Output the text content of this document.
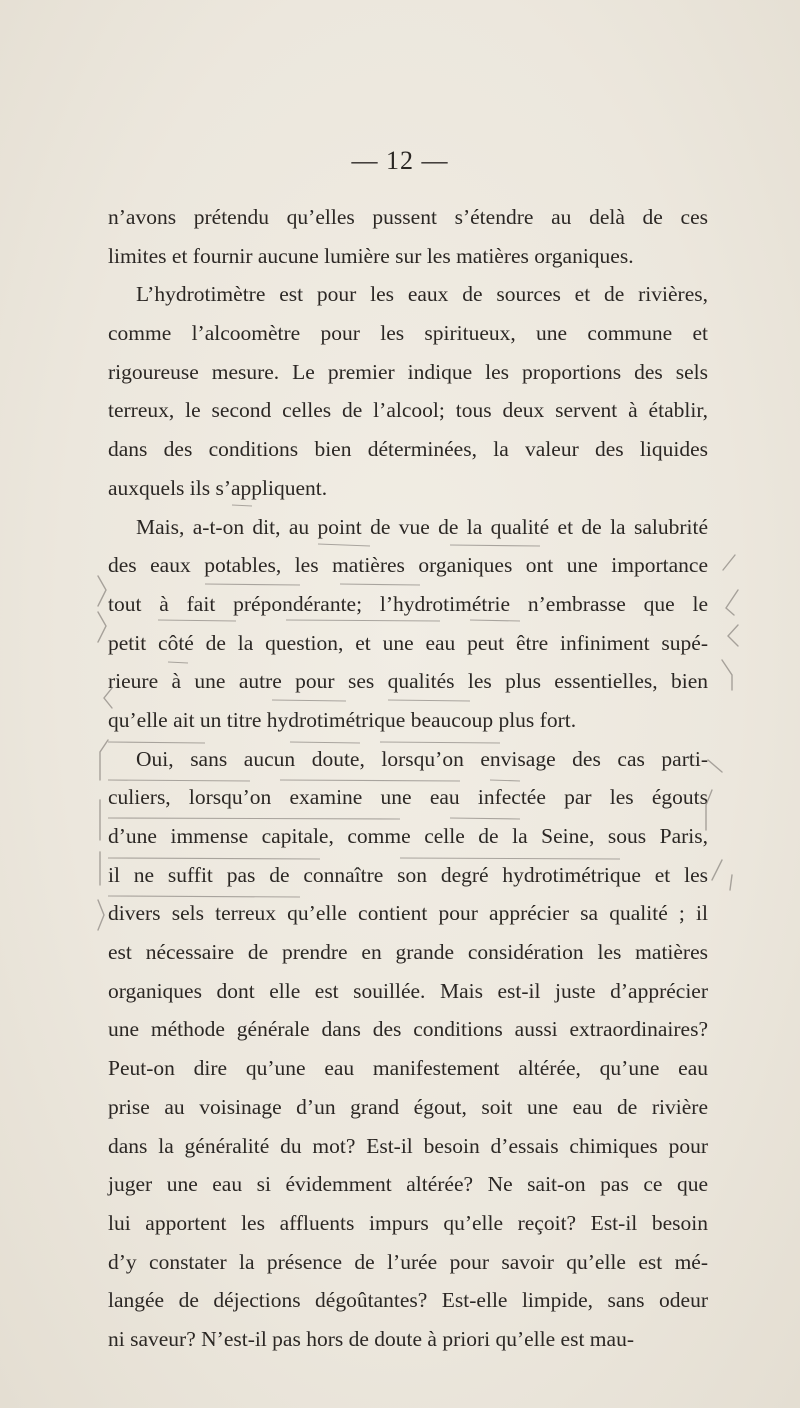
— 12 —
n’avons prétendu qu’elles pussent s’étendre au delà de ces
limites et fournir aucune lumière sur les matières organiques.
L’hydrotimètre est pour les eaux de sources et de rivières,
comme l’alcoomètre pour les spiritueux, une commune et
rigoureuse mesure. Le premier indique les proportions des sels
terreux, le second celles de l’alcool; tous deux servent à établir,
dans des conditions bien déterminées, la valeur des liquides
auxquels ils s’appliquent.
Mais, a-t-on dit, au point de vue de la qualité et de la salubrité
des eaux potables, les matières organiques ont une importance
tout à fait prépondérante; l’hydrotimétrie n’embrasse que le
petit côté de la question, et une eau peut être infiniment supé-
rieure à une autre pour ses qualités les plus essentielles, bien
qu’elle ait un titre hydrotimétrique beaucoup plus fort.
Oui, sans aucun doute, lorsqu’on envisage des cas parti-
culiers, lorsqu’on examine une eau infectée par les égouts
d’une immense capitale, comme celle de la Seine, sous Paris,
il ne suffit pas de connaître son degré hydrotimétrique et les
divers sels terreux qu’elle contient pour apprécier sa qualité ; il
est nécessaire de prendre en grande considération les matières
organiques dont elle est souillée. Mais est-il juste d’apprécier
une méthode générale dans des conditions aussi extraordinaires?
Peut-on dire qu’une eau manifestement altérée, qu’une eau
prise au voisinage d’un grand égout, soit une eau de rivière
dans la généralité du mot? Est-il besoin d’essais chimiques pour
juger une eau si évidemment altérée? Ne sait-on pas ce que
lui apportent les affluents impurs qu’elle reçoit? Est-il besoin
d’y constater la présence de l’urée pour savoir qu’elle est mé-
langée de déjections dégoûtantes? Est-elle limpide, sans odeur
ni saveur? N’est-il pas hors de doute à priori qu’elle est mau-
